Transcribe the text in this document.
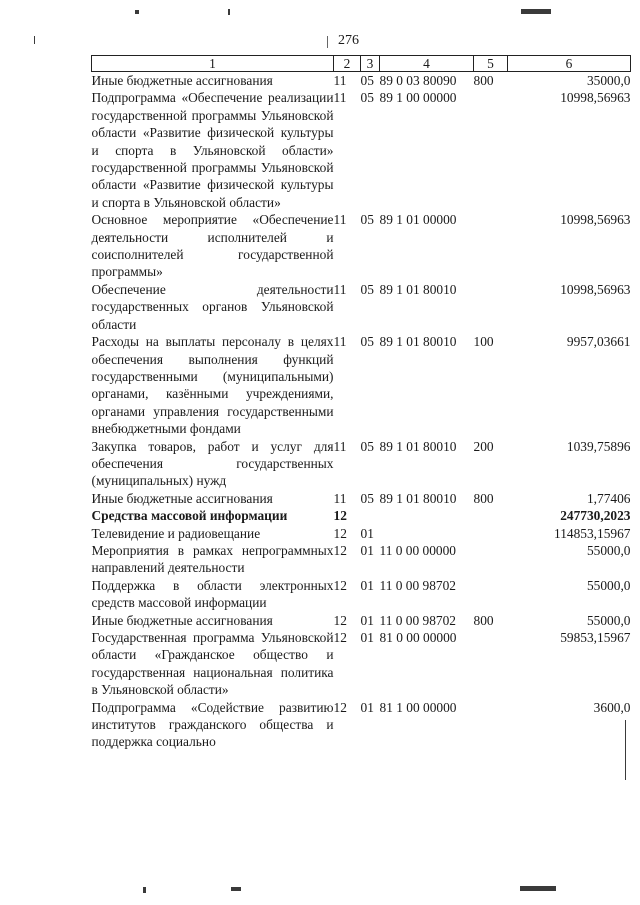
276
1	2	3	4	5	6
Иные бюджетные ассигнования	11	05	89 0 03 80090	800	35000,0
Подпрограмма «Обеспечение реализации государственной программы Ульяновской области «Развитие физической культуры и спорта в Ульяновской области» государственной программы Ульяновской области «Развитие физической культуры и спорта в Ульяновской области»	11	05	89 1 00 00000		10998,56963
Основное мероприятие «Обеспечение деятельности исполнителей и соисполнителей государственной программы»	11	05	89 1 01 00000		10998,56963
Обеспечение деятельности государственных органов Ульяновской области	11	05	89 1 01 80010		10998,56963
Расходы на выплаты персоналу в целях обеспечения выполнения функций государственными (муниципальными) органами, казёнными учреждениями, органами управления государственными внебюджетными фондами	11	05	89 1 01 80010	100	9957,03661
Закупка товаров, работ и услуг для обеспечения государственных (муниципальных) нужд	11	05	89 1 01 80010	200	1039,75896
Иные бюджетные ассигнования	11	05	89 1 01 80010	800	1,77406
Средства массовой информации	12				247730,2023
Телевидение и радиовещание	12	01			114853,15967
Мероприятия в рамках непрограммных направлений деятельности	12	01	11 0 00 00000		55000,0
Поддержка в области электронных средств массовой информации	12	01	11 0 00 98702		55000,0
Иные бюджетные ассигнования	12	01	11 0 00 98702	800	55000,0
Государственная программа Ульяновской области «Гражданское общество и государственная национальная политика в Ульяновской области»	12	01	81 0 00 00000		59853,15967
Подпрограмма «Содействие развитию институтов гражданского общества и поддержка социально	12	01	81 1 00 00000		3600,0
